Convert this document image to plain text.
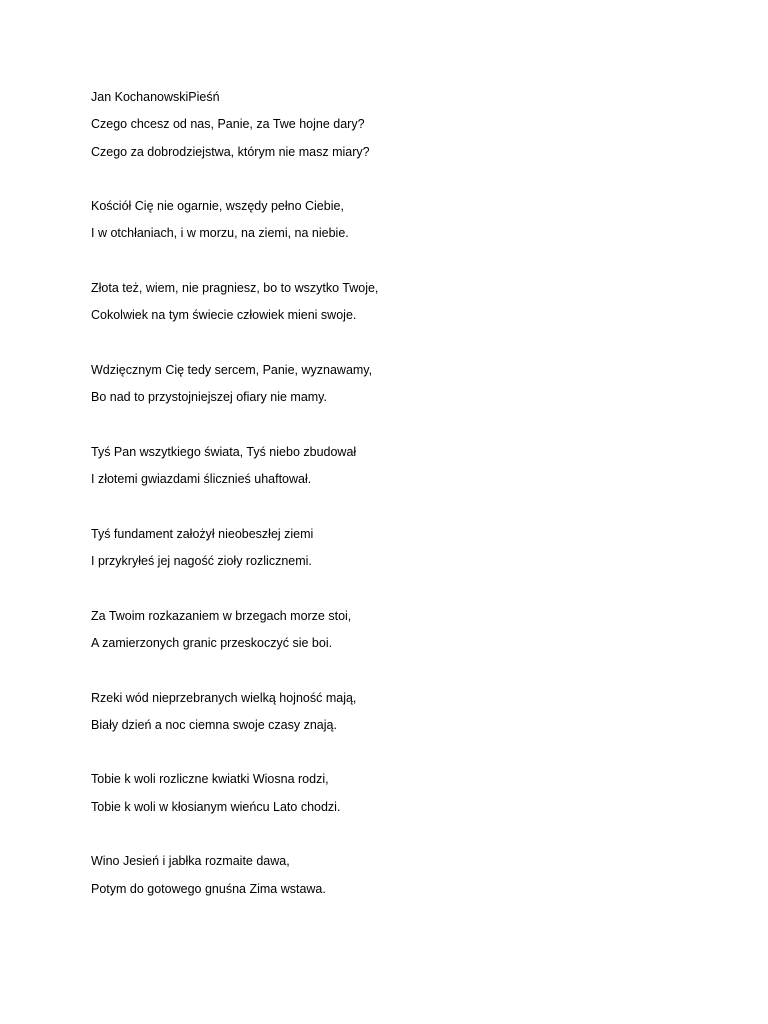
Jan KochanowskiPieśń
Czego chcesz od nas, Panie, za Twe hojne dary?
Czego za dobrodziejstwa, którym nie masz miary?
Kościół Cię nie ogarnie, wszędy pełno Ciebie,
I w otchłaniach, i w morzu, na ziemi, na niebie.
Złota też, wiem, nie pragniesz, bo to wszytko Twoje,
Cokolwiek na tym świecie człowiek mieni swoje.
Wdzięcznym Cię tedy sercem, Panie, wyznawamy,
Bo nad to przystojniejszej ofiary nie mamy.
Tyś Pan wszytkiego świata, Tyś niebo zbudował
I złotemi gwiazdami ślicznieś uhaftował.
Tyś fundament założył nieobeszłej ziemi
I przykryłeś jej nagość zioły rozlicznemi.
Za Twoim rozkazaniem w brzegach morze stoi,
A zamierzonych granic przeskoczyć sie boi.
Rzeki wód nieprzebranych wielką hojność mają,
Biały dzień a noc ciemna swoje czasy znają.
Tobie k woli rozliczne kwiatki Wiosna rodzi,
Tobie k woli w kłosianym wieńcu Lato chodzi.
Wino Jesień i jabłka rozmaite dawa,
Potym do gotowego gnuśna Zima wstawa.
